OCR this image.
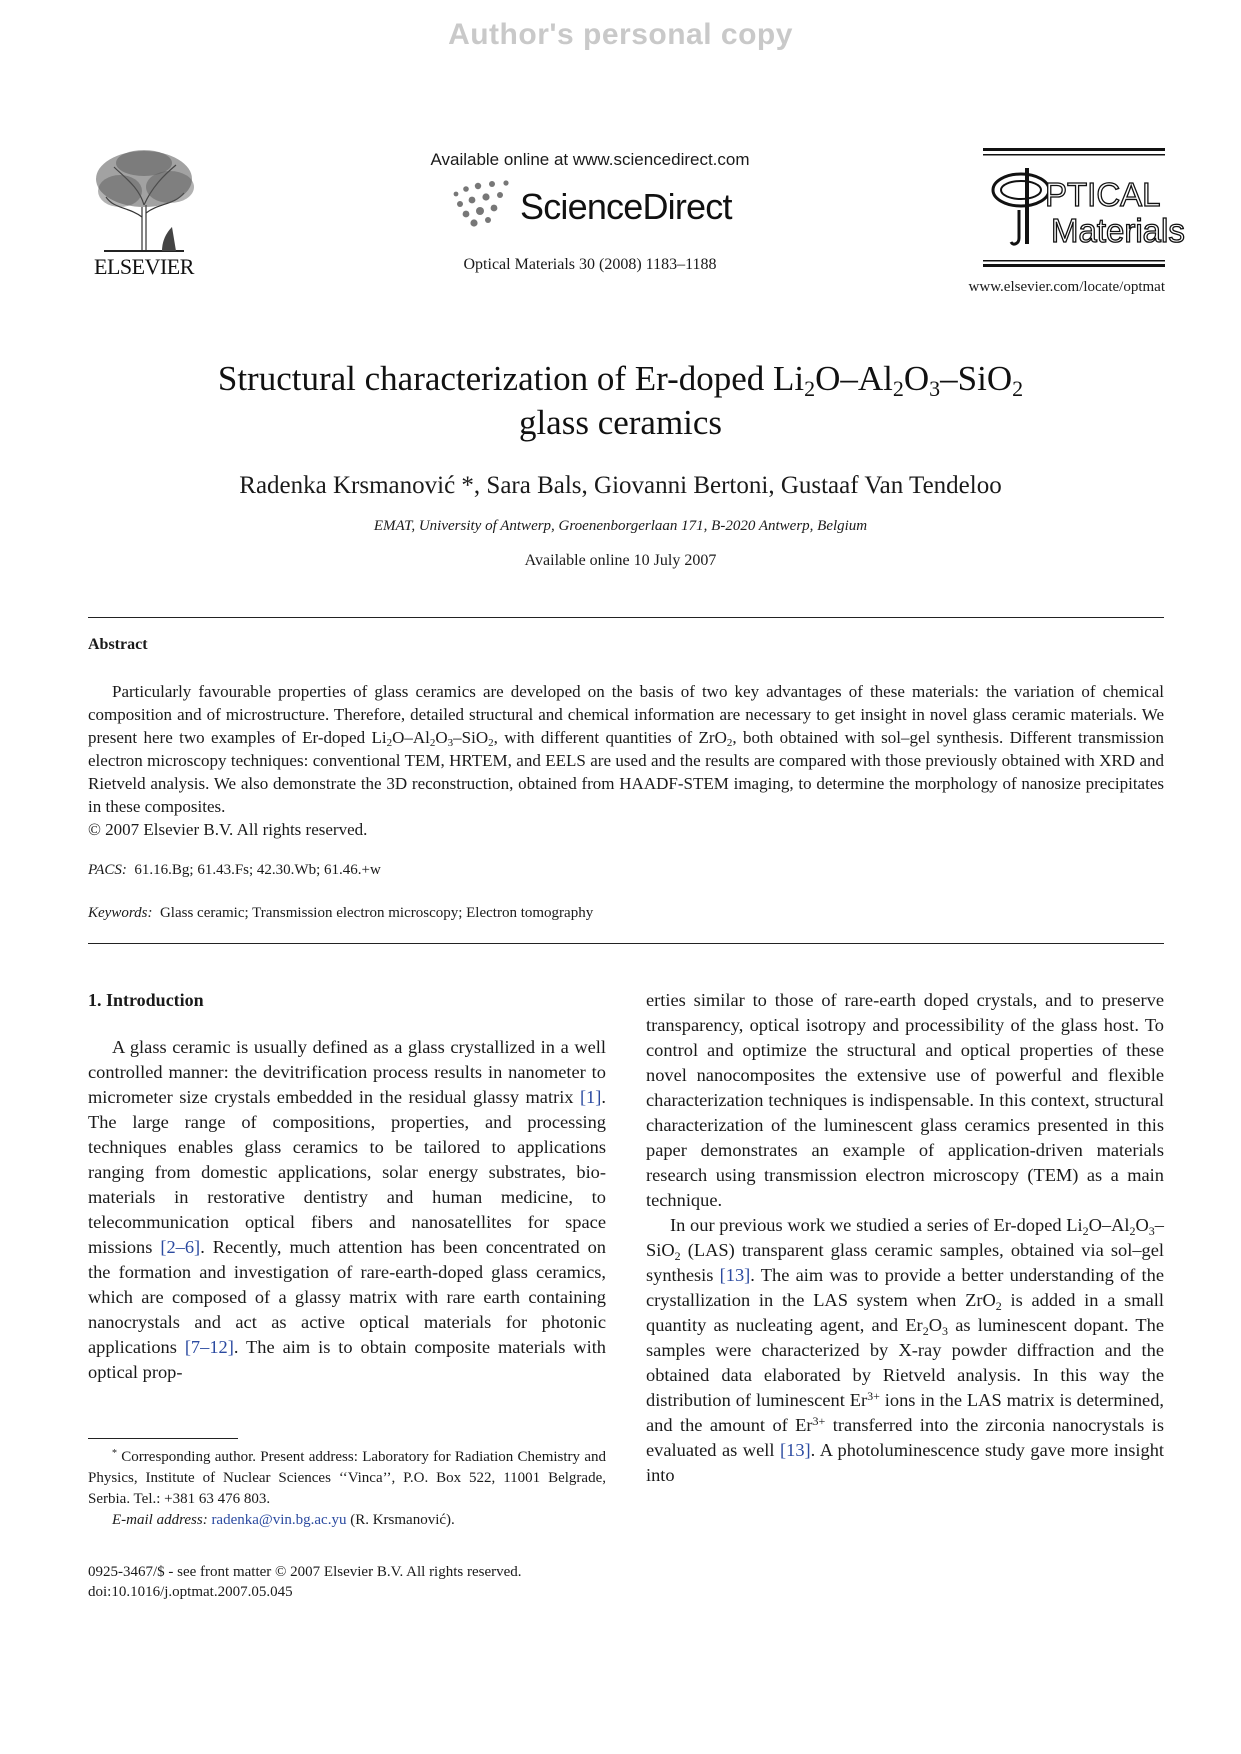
Author's personal copy
ELSEVIER
Available online at www.sciencedirect.com
ScienceDirect
Optical Materials 30 (2008) 1183–1188
PTICAL
Materials
www.elsevier.com/locate/optmat
Structural characterization of Er-doped $Li_2O-Al_2O_3-SiO_2$
glass ceramics
Radenka Krsmanović *, Sara Bals, Giovanni Bertoni, Gustaaf Van Tendeloo
EMAT, University of Antwerp, Groenenborgerlaan 171, B-2020 Antwerp, Belgium
Available online 10 July 2007
Abstract
Particularly favourable properties of glass ceramics are developed on the basis of two key advantages of these materials: the variation of chemical composition and of microstructure. Therefore, detailed structural and chemical information are necessary to get insight in novel glass ceramic materials. We present here two examples of Er-doped $Li_2O-Al_2O_3-SiO_2$, with different quantities of ZrO$_2$, both obtained with sol–gel synthesis. Different transmission electron microscopy techniques: conventional TEM, HRTEM, and EELS are used and the results are compared with those previously obtained with XRD and Rietveld analysis. We also demonstrate the 3D reconstruction, obtained from HAADF-STEM imaging, to determine the morphology of nanosize precipitates in these composites.
© 2007 Elsevier B.V. All rights reserved.
PACS: 61.16.Bg; 61.43.Fs; 42.30.Wb; 61.46.+w
Keywords: Glass ceramic; Transmission electron microscopy; Electron tomography
1. Introduction

A glass ceramic is usually defined as a glass crystallized in a well controlled manner: the devitrification process results in nanometer to micrometer size crystals embedded in the residual glassy matrix [1]. The large range of compositions, properties, and processing techniques enables glass ceramics to be tailored to applications ranging from domestic applications, solar energy substrates, bio-materials in restorative dentistry and human medicine, to telecommunication optical fibers and nanosatellites for space missions [2–6]. Recently, much attention has been concentrated on the formation and investigation of rare-earth-doped glass ceramics, which are composed of a glassy matrix with rare earth containing nanocrystals and act as active optical materials for photonic applications [7–12]. The aim is to obtain composite materials with optical prop-

erties similar to those of rare-earth doped crystals, and to preserve transparency, optical isotropy and processibility of the glass host. To control and optimize the structural and optical properties of these novel nanocomposites the extensive use of powerful and flexible characterization techniques is indispensable. In this context, structural characterization of the luminescent glass ceramics presented in this paper demonstrates an example of application-driven materials research using transmission electron microscopy (TEM) as a main technique.

In our previous work we studied a series of Er-doped $Li_2O-Al_2O_3-SiO_2$ (LAS) transparent glass ceramic samples, obtained via sol–gel synthesis [13]. The aim was to provide a better understanding of the crystallization in the LAS system when ZrO$_2$ is added in a small quantity as nucleating agent, and $Er_2O_3$ as luminescent dopant. The samples were characterized by X-ray powder diffraction and the obtained data elaborated by Rietveld analysis. In this way the distribution of luminescent $Er^{3+}$ ions in the LAS matrix is determined, and the amount of $Er^{3+}$ transferred into the zirconia nanocrystals is evaluated as well [13]. A photoluminescence study gave more insight into

* Corresponding author. Present address: Laboratory for Radiation Chemistry and Physics, Institute of Nuclear Sciences ‘‘Vinca’’, P.O. Box 522, 11001 Belgrade, Serbia. Tel.: +381 63 476 803.
E-mail address: radenka@vin.bg.ac.yu (R. Krsmanović).
0925-3467/$ - see front matter © 2007 Elsevier B.V. All rights reserved.
doi:10.1016/j.optmat.2007.05.045
